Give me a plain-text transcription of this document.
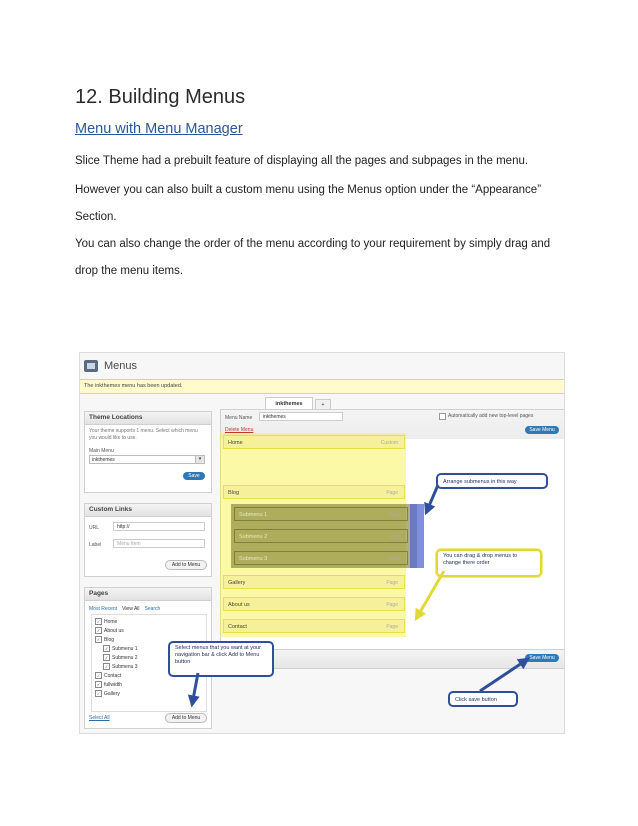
12. Building Menus
Menu with Menu Manager
Slice Theme had a prebuilt feature of displaying all the pages and subpages in the menu.
However you can also built a custom menu using the Menus option under the “Appearance”
Section.
You can also change the order of the menu according to your requirement by simply drag and
drop the menu items.
Menus
The inkthemes menu has been updated.
Theme Locations
Your theme supports 1 menu. Select which menu you would like to use.
Main Menu
inkthemes	▾
Save
Custom Links
URL	http://
Label	Menu Item
Add to Menu
Pages
Most Recent View All Search
✓ Home
✓ About us
✓ Blog
✓ Submenu 1
✓ Submenu 2
✓ Submenu 3
✓ Contact
✓ fullwidth
✓ Gallery
Select All	Add to Menu
inkthemes	+
Menu Name	inkthemes	Automatically add new top-level pages
Delete Menu	Save Menu
Home	Custom
Blog	Page
Submenu 1	Page
Submenu 2	Page
Submenu 3	Page
Gallery	Page
About us	Page
Contact	Page
Save Menu
Arrange submenus in this way
You can drag & drop menus to change there order
Select menus that you want at your navigation bar & click Add to Menu button
Click save button
